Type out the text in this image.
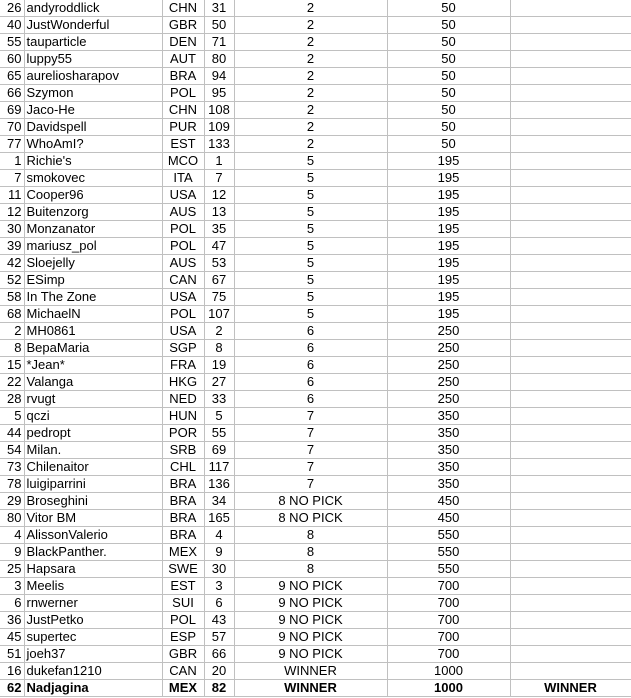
26	andyroddlick	CHN	31	2	50	
40	JustWonderful	GBR	50	2	50	
55	tauparticle	DEN	71	2	50	
60	luppy55	AUT	80	2	50	
65	aureliosharapov	BRA	94	2	50	
66	Szymon	POL	95	2	50	
69	Jaco-He	CHN	108	2	50	
70	Davidspell	PUR	109	2	50	
77	WhoAmI?	EST	133	2	50	
1	Richie's	MCO	1	5	195	
7	smokovec	ITA	7	5	195	
11	Cooper96	USA	12	5	195	
12	Buitenzorg	AUS	13	5	195	
30	Monzanator	POL	35	5	195	
39	mariusz_pol	POL	47	5	195	
42	Sloejelly	AUS	53	5	195	
52	ESimp	CAN	67	5	195	
58	In The Zone	USA	75	5	195	
68	MichaelN	POL	107	5	195	
2	MH0861	USA	2	6	250	
8	BepaMaria	SGP	8	6	250	
15	*Jean*	FRA	19	6	250	
22	Valanga	HKG	27	6	250	
28	rvugt	NED	33	6	250	
5	qczi	HUN	5	7	350	
44	pedropt	POR	55	7	350	
54	Milan.	SRB	69	7	350	
73	Chilenaitor	CHL	117	7	350	
78	luigiparrini	BRA	136	7	350	
29	Broseghini	BRA	34	8 NO PICK	450	
80	Vitor BM	BRA	165	8 NO PICK	450	
4	AlissonValerio	BRA	4	8	550	
9	BlackPanther.	MEX	9	8	550	
25	Hapsara	SWE	30	8	550	
3	Meelis	EST	3	9 NO PICK	700	
6	rnwerner	SUI	6	9 NO PICK	700	
36	JustPetko	POL	43	9 NO PICK	700	
45	supertec	ESP	57	9 NO PICK	700	
51	joeh37	GBR	66	9 NO PICK	700	
16	dukefan1210	CAN	20	WINNER	1000	
62	Nadjagina	MEX	82	WINNER	1000	WINNER
